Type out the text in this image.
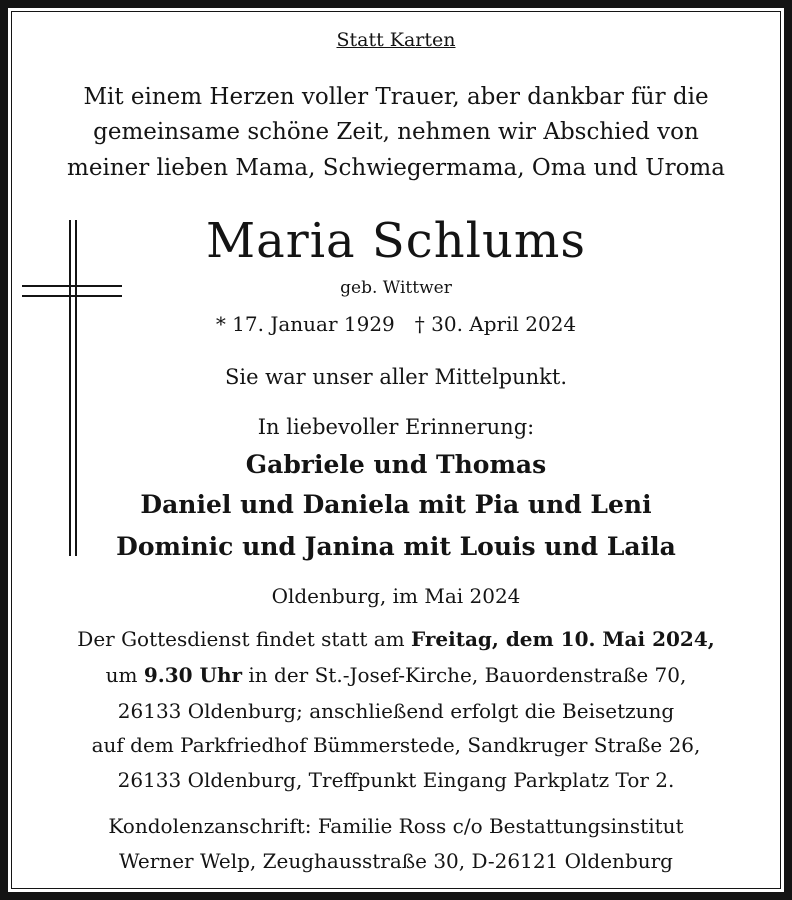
Statt Karten

Mit einem Herzen voller Trauer, aber dankbar für die

gemeinsame schöne Zeit, nehmen wir Abschied von

meiner lieben Mama, Schwiegermama, Oma und Uroma

Maria Schlums

geb. Wittwer

* 17. Januar 1929 † 30. April 2024

Sie war unser aller Mittelpunkt.

In liebevoller Erinnerung:

Gabriele und Thomas

Daniel und Daniela mit Pia und Leni

Dominic und Janina mit Louis und Laila

Oldenburg, im Mai 2024

Der Gottesdienst findet statt am Freitag, dem 10. Mai 2024,

um 9.30 Uhr in der St.-Josef-Kirche, Bauordenstraße 70,

26133 Oldenburg; anschließend erfolgt die Beisetzung

auf dem Parkfriedhof Bümmerstede, Sandkruger Straße 26,

26133 Oldenburg, Treffpunkt Eingang Parkplatz Tor 2.

Kondolenzanschrift: Familie Ross c/o Bestattungsinstitut

Werner Welp, Zeughausstraße 30, D-26121 Oldenburg
